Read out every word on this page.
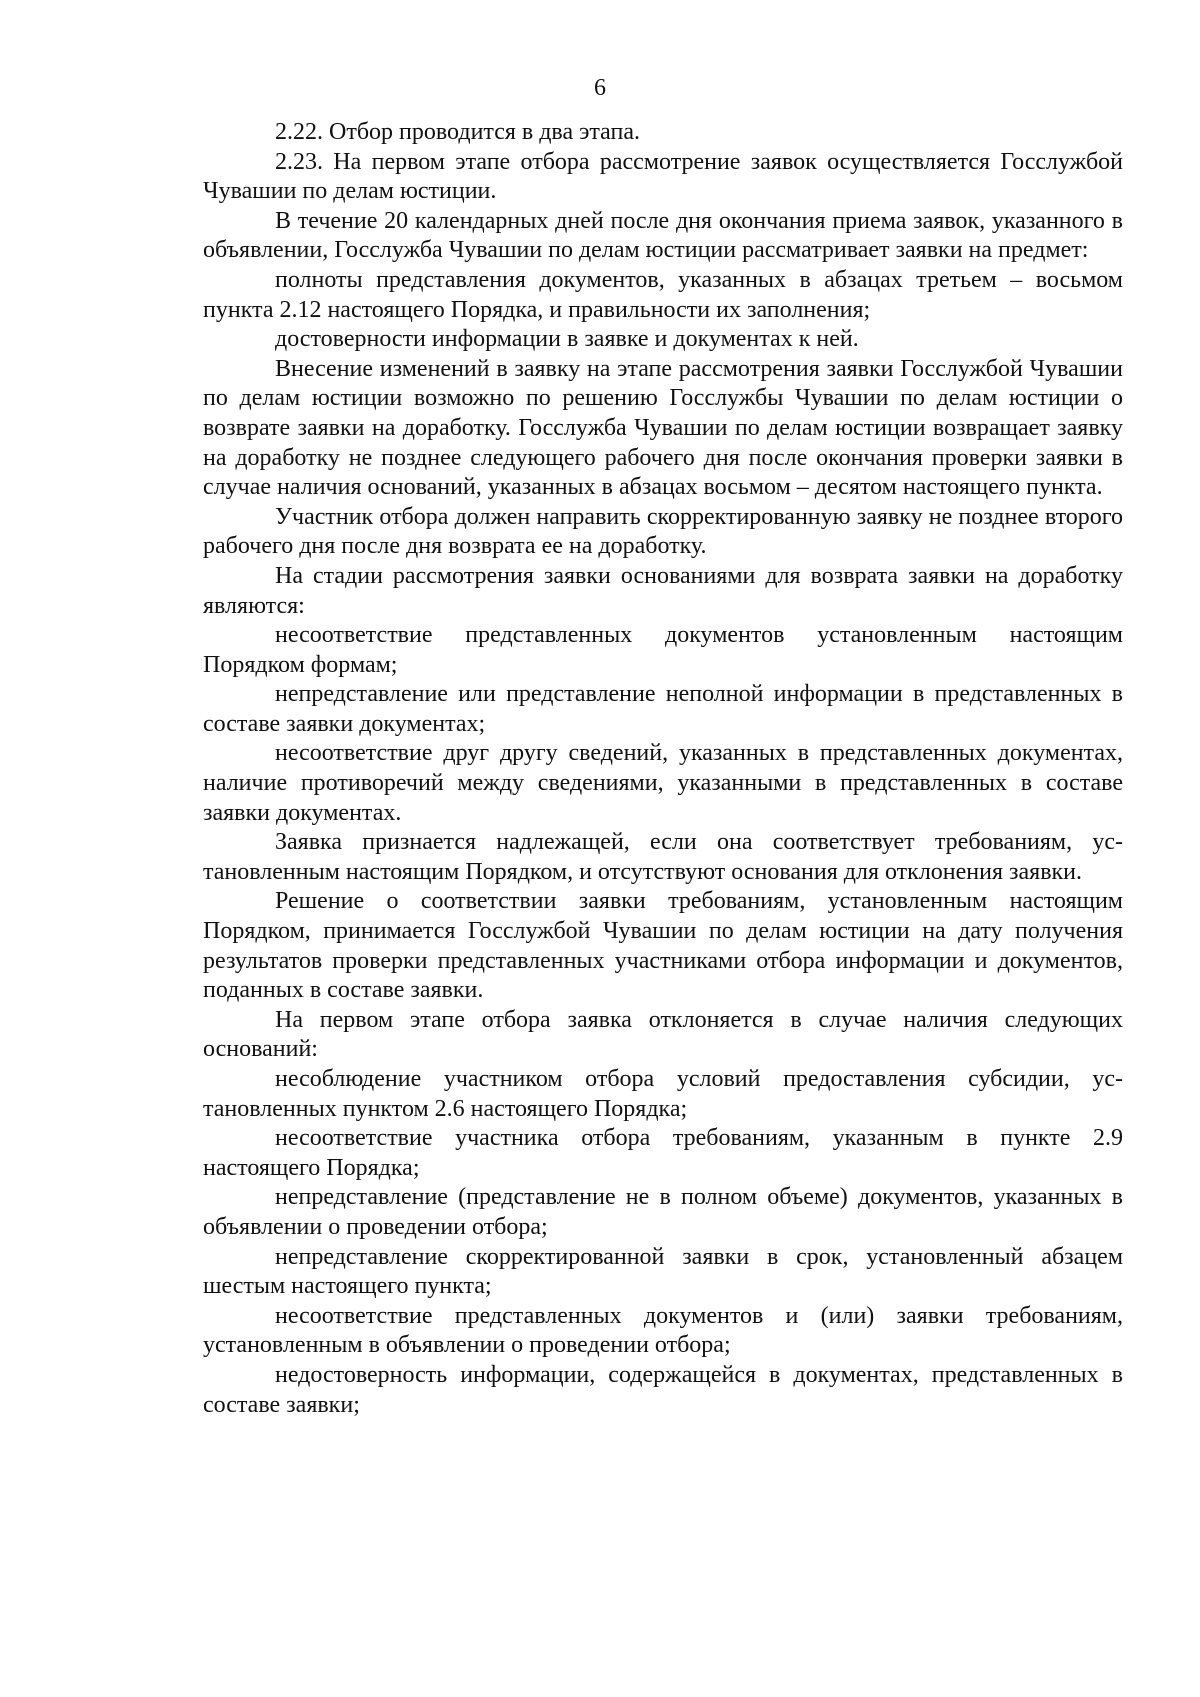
6

2.22. Отбор проводится в два этапа.

2.23. На первом этапе отбора рассмотрение заявок осуществляется Госслужбой Чувашии по делам юстиции.

В течение 20 календарных дней после дня окончания приема заявок, указанного в объявлении, Госслужба Чувашии по делам юстиции рассматривает заявки на предмет:

полноты представления документов, указанных в абзацах третьем – восьмом пункта 2.12 настоящего Порядка, и правильности их заполнения;

достоверности информации в заявке и документах к ней.

Внесение изменений в заявку на этапе рассмотрения заявки Госслужбой Чувашии по делам юстиции возможно по решению Госслужбы Чувашии по делам юстиции о возврате заявки на доработку. Госслужба Чувашии по делам юстиции возвращает заявку на доработку не позднее следующего рабочего дня после окончания проверки заявки в случае наличия оснований, указанных в абзацах восьмом – десятом настоящего пункта.

Участник отбора должен направить скорректированную заявку не позднее второго рабочего дня после дня возврата ее на доработку.

На стадии рассмотрения заявки основаниями для возврата заявки на доработку являются:

несоответствие представленных документов установленным настоящим Порядком формам;

непредставление или представление неполной информации в представленных в составе заявки документах;

несоответствие друг другу сведений, указанных в представленных документах, наличие противоречий между сведениями, указанными в представленных в составе заявки документах.

Заявка признается надлежащей, если она соответствует требованиям, установленным настоящим Порядком, и отсутствуют основания для отклонения заявки.

Решение о соответствии заявки требованиям, установленным настоящим Порядком, принимается Госслужбой Чувашии по делам юстиции на дату получения результатов проверки представленных участниками отбора информации и документов, поданных в составе заявки.

На первом этапе отбора заявка отклоняется в случае наличия следующих оснований:

несоблюдение участником отбора условий предоставления субсидии, установленных пунктом 2.6 настоящего Порядка;

несоответствие участника отбора требованиям, указанным в пункте 2.9 настоящего Порядка;

непредставление (представление не в полном объеме) документов, указанных в объявлении о проведении отбора;

непредставление скорректированной заявки в срок, установленный абзацем шестым настоящего пункта;

несоответствие представленных документов и (или) заявки требованиям, установленным в объявлении о проведении отбора;

недостоверность информации, содержащейся в документах, представленных в составе заявки;
